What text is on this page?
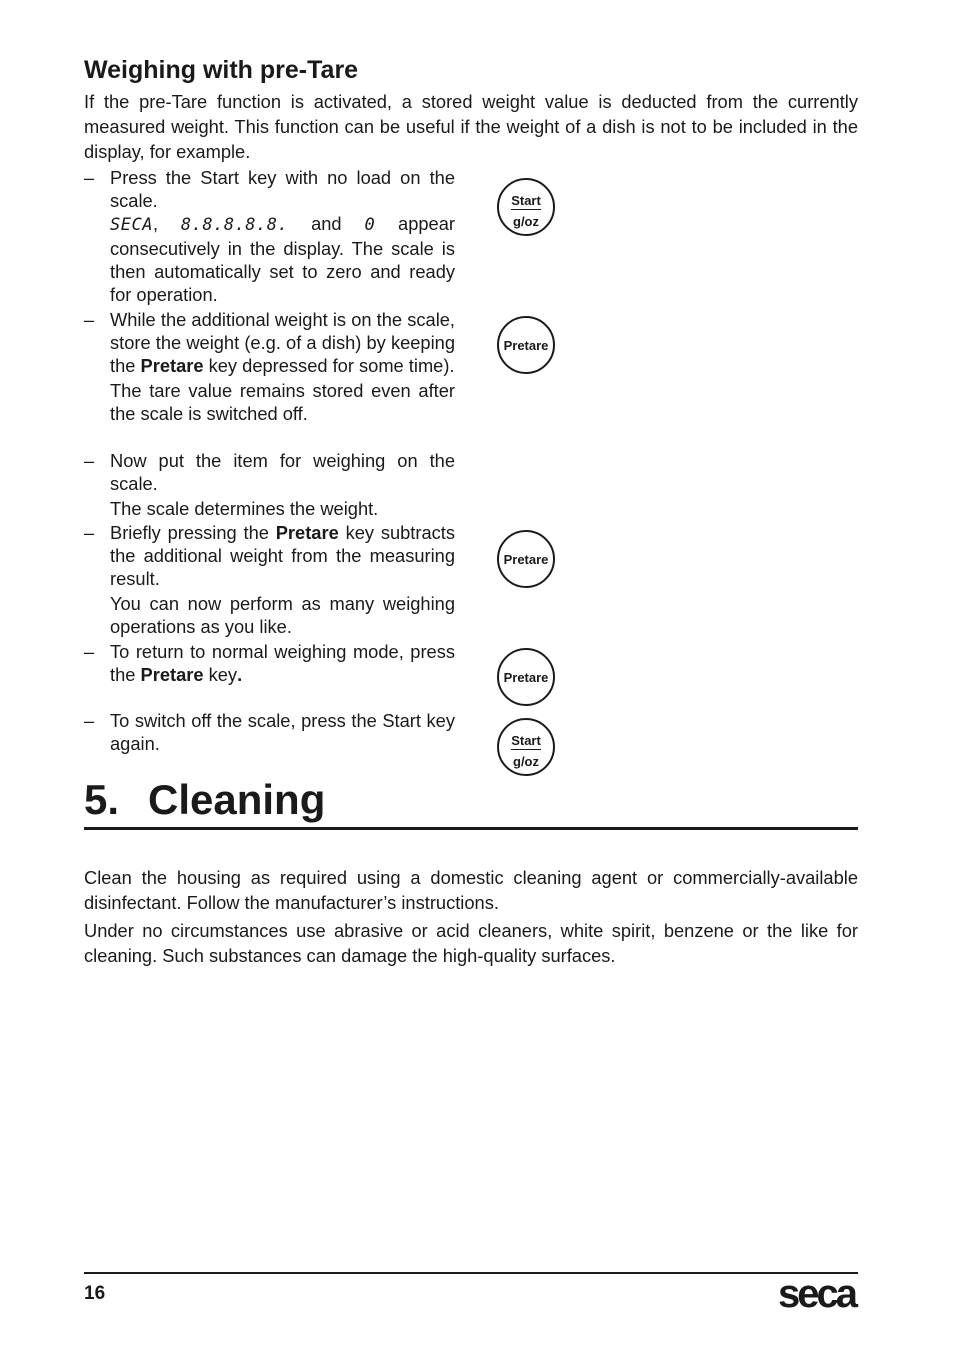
Weighing with pre-Tare

If the pre-Tare function is activated, a stored weight value is deducted from the currently measured weight. This function can be useful if the weight of a dish is not to be included in the display, for example.

– Press the Start key with no load on the scale.
SECA, 8.8.8.8.8. and 0 appear consecutively in the display. The scale is then automatically set to zero and ready for operation.

– While the additional weight is on the scale, store the weight (e.g. of a dish) by keeping the Pretare key depressed for some time).

The tare value remains stored even after the scale is switched off.

– Now put the item for weighing on the scale.

The scale determines the weight.

– Briefly pressing the Pretare key subtracts the additional weight from the measuring result.

You can now perform as many weighing operations as you like.

– To return to normal weighing mode, press the Pretare key.

– To switch off the scale, press the Start key again.

Start
g/oz
Pretare
Pretare
Pretare
Start
g/oz
5. Cleaning

Clean the housing as required using a domestic cleaning agent or commercially-available disinfectant. Follow the manufacturer’s instructions.

Under no circumstances use abrasive or acid cleaners, white spirit, benzene or the like for cleaning. Such substances can damage the high-quality surfaces.

16	seca
